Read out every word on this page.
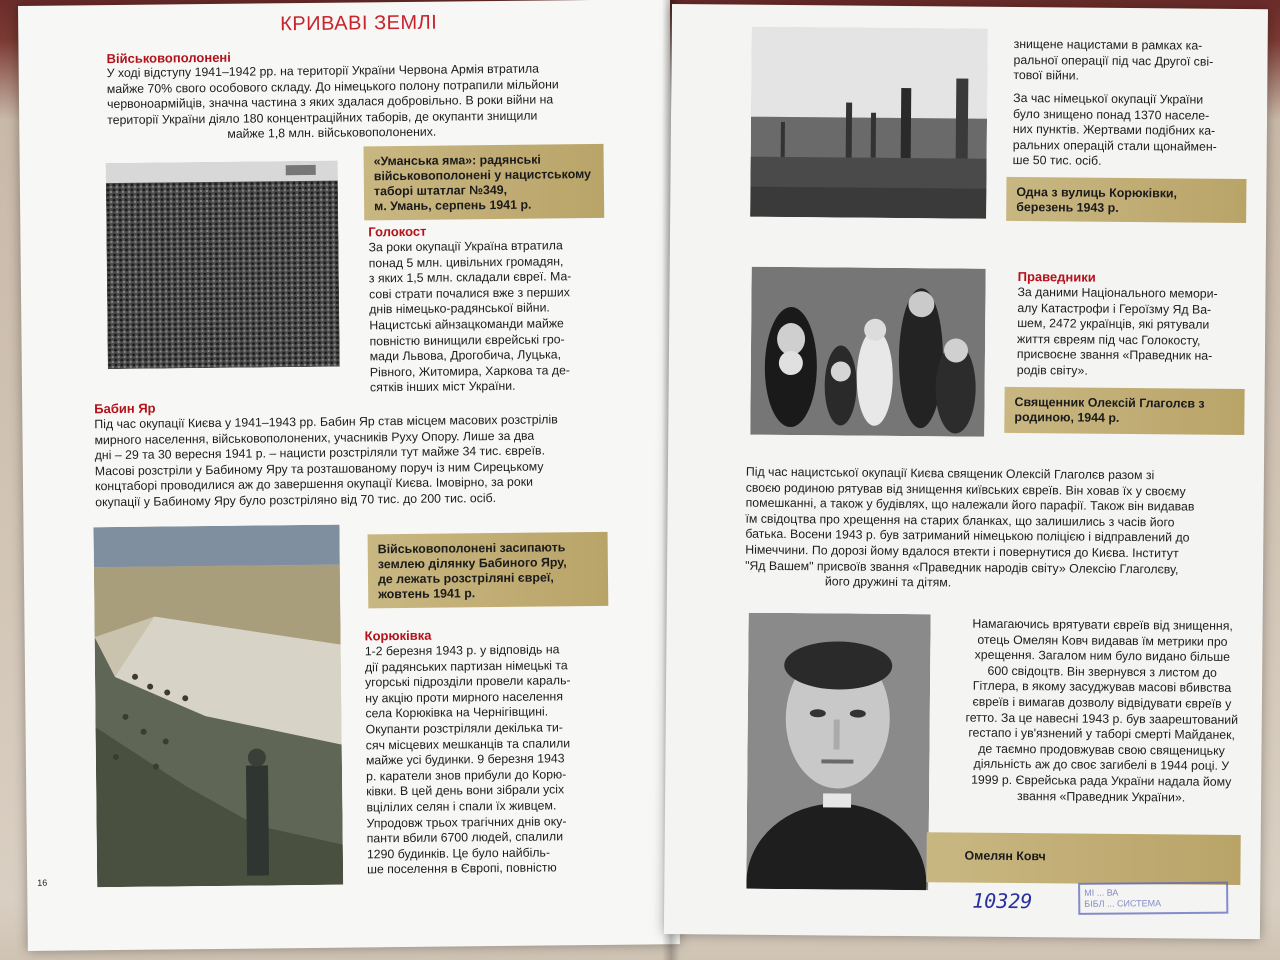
КРИВАВІ ЗЕМЛІ
Військовополонені
У ході відступу 1941–1942 рр. на території України Червона Армія втратила
майже 70% свого особового складу. До німецького полону потрапили мільйони
червоноармійців, значна частина з яких здалася добровільно. В роки війни на
території України діяло 180 концентраційних таборів, де окупанти знищили
майже 1,8 млн. військовополонених.
«Уманська яма»: радянські
військовополонені у нацистському
таборі штатлаг №349,
м. Умань, серпень 1941 р.
Голокост
За роки окупації Україна втратила
понад 5 млн. цивільних громадян,
з яких 1,5 млн. складали євреї. Ма-
сові страти почалися вже з перших
днів німецько-радянської війни.
Нацистські айнзацкоманди майже
повністю винищили єврейські гро-
мади Львова, Дрогобича, Луцька,
Рівного, Житомира, Харкова та де-
сятків інших міст України.
Бабин Яр
Під час окупації Києва у 1941–1943 рр. Бабин Яр став місцем масових розстрілів
мирного населення, військовополонених, учасників Руху Опору. Лише за два
дні – 29 та 30 вересня 1941 р. – нацисти розстріляли тут майже 34 тис. євреїв.
Масові розстріли у Бабиному Яру та розташованому поруч із ним Сирецькому
концтаборі проводилися аж до завершення окупації Києва. Імовірно, за роки
окупації у Бабиному Яру було розстріляно від 70 тис. до 200 тис. осіб.
Військовополонені засипають
землею ділянку Бабиного Яру,
де лежать розстріляні євреї,
жовтень 1941 р.
Корюківка
1-2 березня 1943 р. у відповідь на
дії радянських партизан німецькі та
угорські підрозділи провели караль-
ну акцію проти мирного населення
села Корюківка на Чернігівщині.
Окупанти розстріляли декілька ти-
сяч місцевих мешканців та спалили
майже усі будинки. 9 березня 1943
р. каратели знов прибули до Корю-
ківки. В цей день вони зібрали усіх
вцілілих селян і спали їх живцем.
Упродовж трьох трагічних днів оку-
панти вбили 6700 людей, спалили
1290 будинків. Це було найбіль-
ше поселення в Європі, повністю
16
знищене нацистами в рамках ка-
ральної операції під час Другої сві-
тової війни.
За час німецької окупації України
було знищено понад 1370 населе-
них пунктів. Жертвами подібних ка-
ральних операцій стали щонаймен-
ше 50 тис. осіб.
Одна з вулиць Корюківки,
березень 1943 р.
Праведники
За даними Національного мемори-
алу Катастрофи і Героїзму Яд Ва-
шем, 2472 українців, які рятували
життя євреям під час Голокосту,
присвоєне звання «Праведник на-
родів світу».
Священник Олексій Глаголєв з
родиною, 1944 р.
Під час нацистської окупації Києва священик Олексій Глаголєв разом зі
своєю родиною рятував від знищення київських євреїв. Він ховав їх у своєму
помешканні, а також у будівлях, що належали його парафії. Також він видавав
їм свідоцтва про хрещення на старих бланках, що залишились з часів його
батька. Восени 1943 р. був затриманий німецькою поліцією і відправлений до
Німеччини. По дорозі йому вдалося втекти і повернутися до Києва. Інститут
"Яд Вашем" присвоїв звання «Праведник народів світу» Олексію Глаголєву,
його дружині та дітям.
Намагаючись врятувати євреїв від знищення,
отець Омелян Ковч видавав їм метрики про
хрещення. Загалом ним було видано більше
600 свідоцтв. Він звернувся з листом до
Гітлера, в якому засуджував масові вбивства
євреїв і вимагав дозволу відвідувати євреїв у
гетто. За це навесні 1943 р. був заарештований
гестапо і ув'язнений у таборі смерті Майданек,
де таємно продовжував свою священицьку
діяльність аж до своє загибелі в 1944 році. У
1999 р. Єврейська рада України надала йому
звання «Праведник України».
Омелян Ковч
10329	МІ ... ВА
БІБЛ ... СИСТЕМА
